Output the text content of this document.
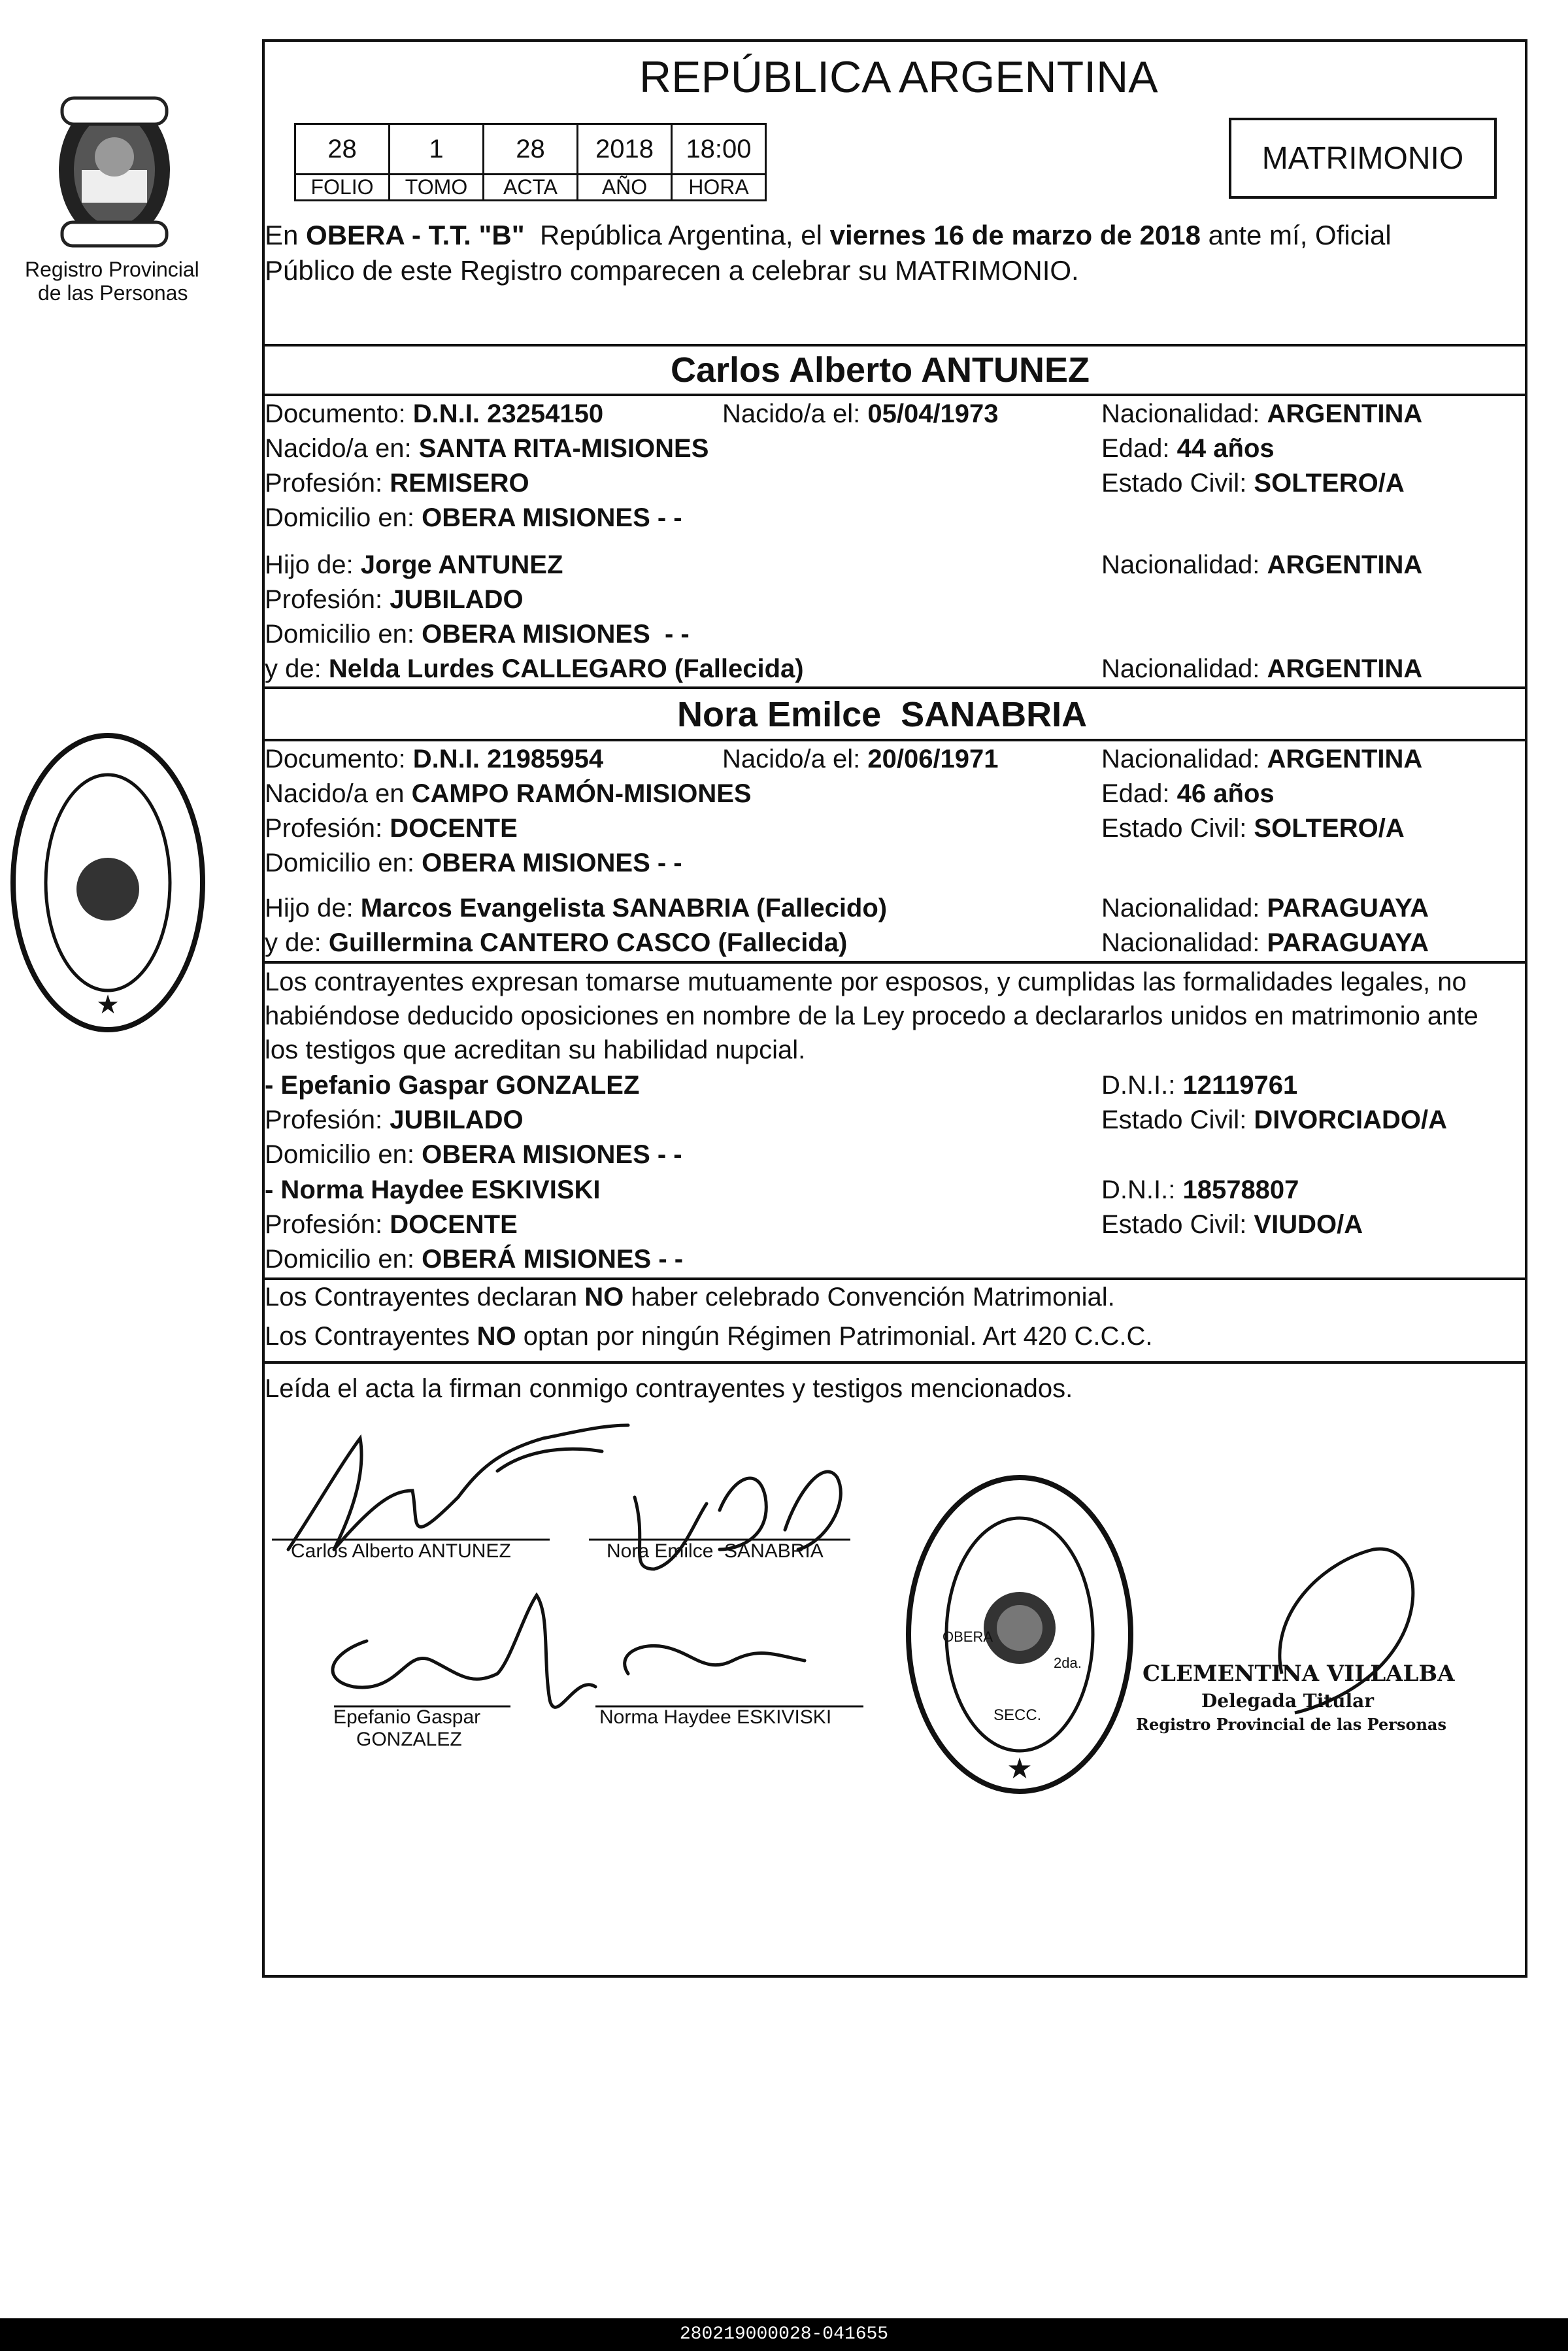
Registro Provincial
de las Personas
★
REPÚBLICA ARGENTINA
28	1	28	2018	18:00
FOLIO	TOMO	ACTA	AÑO	HORA
MATRIMONIO
En OBERA - T.T. "B"  República Argentina, el viernes 16 de marzo de 2018 ante mí, Oficial
Público de este Registro comparecen a celebrar su MATRIMONIO.
Carlos Alberto ANTUNEZ
Documento: D.N.I. 23254150	Nacido/a el: 05/04/1973	Nacionalidad: ARGENTINA
Nacido/a en: SANTA RITA-MISIONES	Edad: 44 años
Profesión: REMISERO	Estado Civil: SOLTERO/A
Domicilio en: OBERA MISIONES - -
Hijo de: Jorge ANTUNEZ	Nacionalidad: ARGENTINA
Profesión: JUBILADO
Domicilio en: OBERA MISIONES  - -
y de: Nelda Lurdes CALLEGARO (Fallecida)	Nacionalidad: ARGENTINA
Nora Emilce  SANABRIA
Documento: D.N.I. 21985954	Nacido/a el: 20/06/1971	Nacionalidad: ARGENTINA
Nacido/a en CAMPO RAMÓN-MISIONES	Edad: 46 años
Profesión: DOCENTE	Estado Civil: SOLTERO/A
Domicilio en: OBERA MISIONES - -
Hijo de: Marcos Evangelista SANABRIA (Fallecido)	Nacionalidad: PARAGUAYA
y de: Guillermina CANTERO CASCO (Fallecida)	Nacionalidad: PARAGUAYA
Los contrayentes expresan tomarse mutuamente por esposos, y cumplidas las formalidades legales, no
habiéndose deducido oposiciones en nombre de la Ley procedo a declararlos unidos en matrimonio ante
los testigos que acreditan su habilidad nupcial.
- Epefanio Gaspar GONZALEZ	D.N.I.: 12119761
Profesión: JUBILADO	Estado Civil: DIVORCIADO/A
Domicilio en: OBERA MISIONES - -
- Norma Haydee ESKIVISKI	D.N.I.: 18578807
Profesión: DOCENTE	Estado Civil: VIUDO/A
Domicilio en: OBERÁ MISIONES - -
Los Contrayentes declaran NO haber celebrado Convención Matrimonial.
Los Contrayentes NO optan por ningún Régimen Patrimonial. Art 420 C.C.C.
Leída el acta la firman conmigo contrayentes y testigos mencionados.
Carlos Alberto ANTUNEZ	Nora Emilce  SANABRIA
Epefanio Gaspar
GONZALEZ
Norma Haydee ESKIVISKI
★
OBERA
2da.
SECC.
CLEMENTINA VILLALBA
Delegada Titular
Registro Provincial de las Personas
280219000028-041655
